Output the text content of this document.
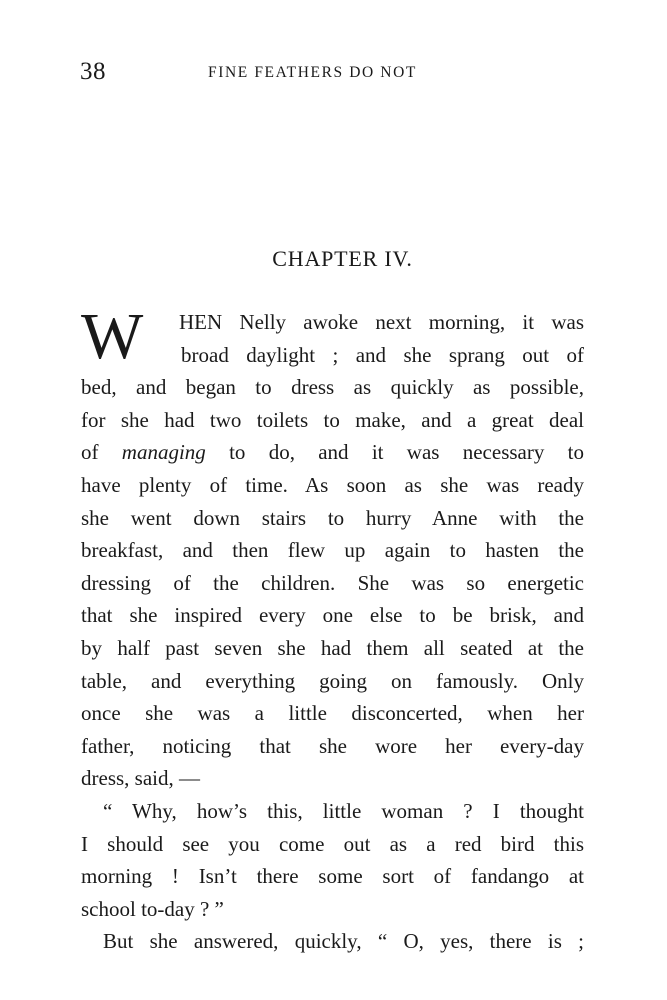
38	FINE FEATHERS DO NOT
CHAPTER IV.
W	HEN Nelly awoke next morning, it was
broad daylight ; and she sprang out of
bed, and began to dress as quickly as possible,
for she had two toilets to make, and a great deal
of managing to do, and it was necessary to
have plenty of time. As soon as she was ready
she went down stairs to hurry Anne with the
breakfast, and then flew up again to hasten the
dressing of the children. She was so energetic
that she inspired every one else to be brisk, and
by half past seven she had them all seated at the
table, and everything going on famously. Only
once she was a little disconcerted, when her
father, noticing that she wore her every-day
dress, said, —
“ Why, how’s this, little woman ? I thought
I should see you come out as a red bird this
morning ! Isn’t there some sort of fandango at
school to-day ? ”
But she answered, quickly, “ O, yes, there is ;
